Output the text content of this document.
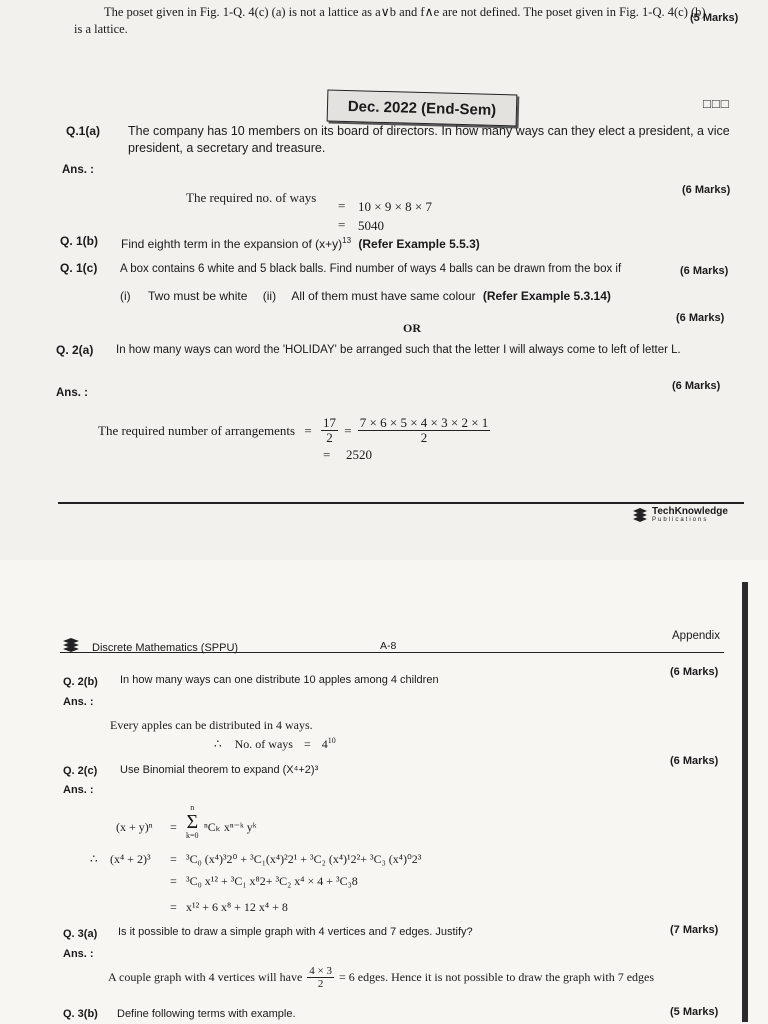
The poset given in Fig. 1-Q. 4(c) (a) is not a lattice as a∨b and f∧e are not defined. The poset given in Fig. 1-Q. 4(c) (b)
is a lattice.
(5 Marks)
Dec. 2022 (End-Sem)	□□□
Q.1(a) The company has 10 members on its board of directors. In how many ways can they elect a president, a vice
president, a secretary and treasure.
Ans. :
(6 Marks)
The required no. of ways
= 10 × 9 × 8 × 7
= 5040
Q. 1(b) Find eighth term in the expansion of $(x+y)^{13}$ (Refer Example 5.5.3)
Q. 1(c) A box contains 6 white and 5 black balls. Find number of ways 4 balls can be drawn from the box if	(6 Marks)
(i) Two must be white (ii) All of them must have same colour (Refer Example 5.3.14)
(6 Marks)
OR
Q. 2(a) In how many ways can word the 'HOLIDAY' be arranged such that the letter I will always come to left of letter L.
(6 Marks)
Ans. :
The required number of arrangements = $\frac{17}{2} = \frac{7 \times 6 \times 5 \times 4 \times 3 \times 2 \times 1}{2}$
= 2520
TechKnowledge
Publications
Discrete Mathematics (SPPU)	A-8
Appendix
Q. 2(b) In how many ways can one distribute 10 apples among 4 children
(6 Marks)
Ans. :
Every apples can be distributed in 4 ways.
∴ No. of ways = $4^{10}$
Q. 2(c) Use Binomial theorem to expand (X⁴+2)³
(6 Marks)
Ans. :
(x + y)ⁿ =
n
Σ
k=0
ⁿCₖ xⁿ⁻ᵏ yᵏ
∴ (x⁴ + 2)³ = ³C₀ (x⁴)³2⁰ + ³C₁(x⁴)²2¹ + ³C₂ (x⁴)¹2²+ ³C₃ (x⁴)⁰2³
= ³C₀ x¹² + ³C₁ x⁸2+ ³C₂ x⁴ × 4 + ³C₃8
= x¹² + 6 x⁸ + 12 x⁴ + 8
Q. 3(a) Is it possible to draw a simple graph with 4 vertices and 7 edges. Justify?	(7 Marks)
Ans. :
A couple graph with 4 vertices will have $\frac{4 \times 3}{2} = 6$ edges. Hence it is not possible to draw the graph with 7 edges
Q. 3(b) Define following terms with example.	(5 Marks)
